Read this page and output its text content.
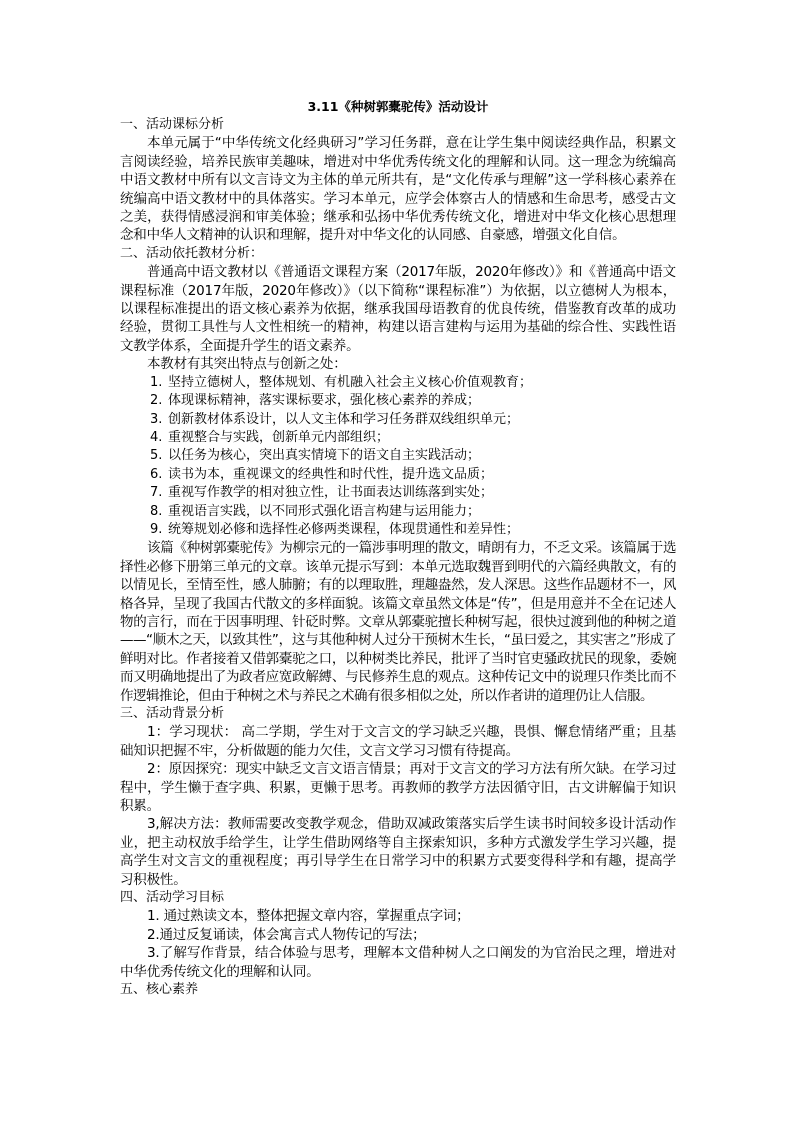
3.11《种树郭橐驼传》活动设计
一、活动课标分析

本单元属于“中华传统文化经典研习”学习任务群，意在让学生集中阅读经典作品，积累文言阅读经验，培养民族审美趣味，增进对中华优秀传统文化的理解和认同。这一理念为统编高中语文教材中所有以文言诗文为主体的单元所共有，是“文化传承与理解”这一学科核心素养在统编高中语文教材中的具体落实。学习本单元，应学会体察古人的情感和生命思考，感受古文之美，获得情感浸润和审美体验；继承和弘扬中华优秀传统文化，增进对中华文化核心思想理念和中华人文精神的认识和理解，提升对中华文化的认同感、自豪感，增强文化自信。

二、活动依托教材分析：

普通高中语文教材以《普通语文课程方案（2017年版，2020年修改）》和《普通高中语文课程标准（2017年版，2020年修改）》（以下简称“课程标准”）为依据，以立德树人为根本，以课程标准提出的语文核心素养为依据，继承我国母语教育的优良传统，借鉴教育改革的成功经验，贯彻工具性与人文性相统一的精神，构建以语言建构与运用为基础的综合性、实践性语文教学体系，全面提升学生的语文素养。

本教材有其突出特点与创新之处：

1. 坚持立德树人，整体规划、有机融入社会主义核心价值观教育；
2. 体现课标精神，落实课标要求，强化核心素养的养成；
3. 创新教材体系设计，以人文主体和学习任务群双线组织单元；
4. 重视整合与实践，创新单元内部组织；
5. 以任务为核心，突出真实情境下的语文自主实践活动；
6. 读书为本，重视课文的经典性和时代性，提升选文品质；
7. 重视写作教学的相对独立性，让书面表达训练落到实处；
8. 重视语言实践，以不同形式强化语言构建与运用能力；
9. 统筹规划必修和选择性必修两类课程，体现贯通性和差异性；

该篇《种树郭橐驼传》为柳宗元的一篇涉事明理的散文，晴朗有力，不乏文采。该篇属于选择性必修下册第三单元的文章。该单元提示写到：本单元选取魏晋到明代的六篇经典散文，有的以情见长，至情至性，感人肺腑；有的以理取胜，理趣盎然，发人深思。这些作品题材不一，风格各异，呈现了我国古代散文的多样面貌。该篇文章虽然文体是“传”，但是用意并不全在记述人物的言行，而在于因事明理、针砭时弊。文章从郭橐驼擅长种树写起，很快过渡到他的种树之道——“顺木之天，以致其性”，这与其他种树人过分干预树木生长，“虽曰爱之，其实害之”形成了鲜明对比。作者接着又借郭橐驼之口，以种树类比养民，批评了当时官吏骚政扰民的现象，委婉而又明确地提出了为政者应宽政解縛、与民修养生息的观点。这种传记文中的说理只作类比而不作逻辑推论，但由于种树之术与养民之术确有很多相似之处，所以作者讲的道理仍让人信服。

三、活动背景分析

1：学习现状： 高二学期，学生对于文言文的学习缺乏兴趣，畏惧、懈怠情绪严重；且基础知识把握不牢，分析做题的能力欠佳，文言文学习习惯有待提高。

2：原因探究：现实中缺乏文言文语言情景；再对于文言文的学习方法有所欠缺。在学习过程中，学生懒于查字典、积累，更懒于思考。再教师的教学方法因循守旧，古文讲解偏于知识积累。

3,解决方法：教师需要改变教学观念，借助双减政策落实后学生读书时间较多设计活动作业，把主动权放手给学生，让学生借助网络等自主探索知识，多种方式激发学生学习兴趣，提高学生对文言文的重视程度；再引导学生在日常学习中的积累方式要变得科学和有趣，提高学习积极性。

四、活动学习目标

1. 通过熟读文本，整体把握文章内容，掌握重点字词；

2.通过反复诵读，体会寓言式人物传记的写法；

3.了解写作背景，结合体验与思考，理解本文借种树人之口阐发的为官治民之理，增进对中华优秀传统文化的理解和认同。

五、核心素养
